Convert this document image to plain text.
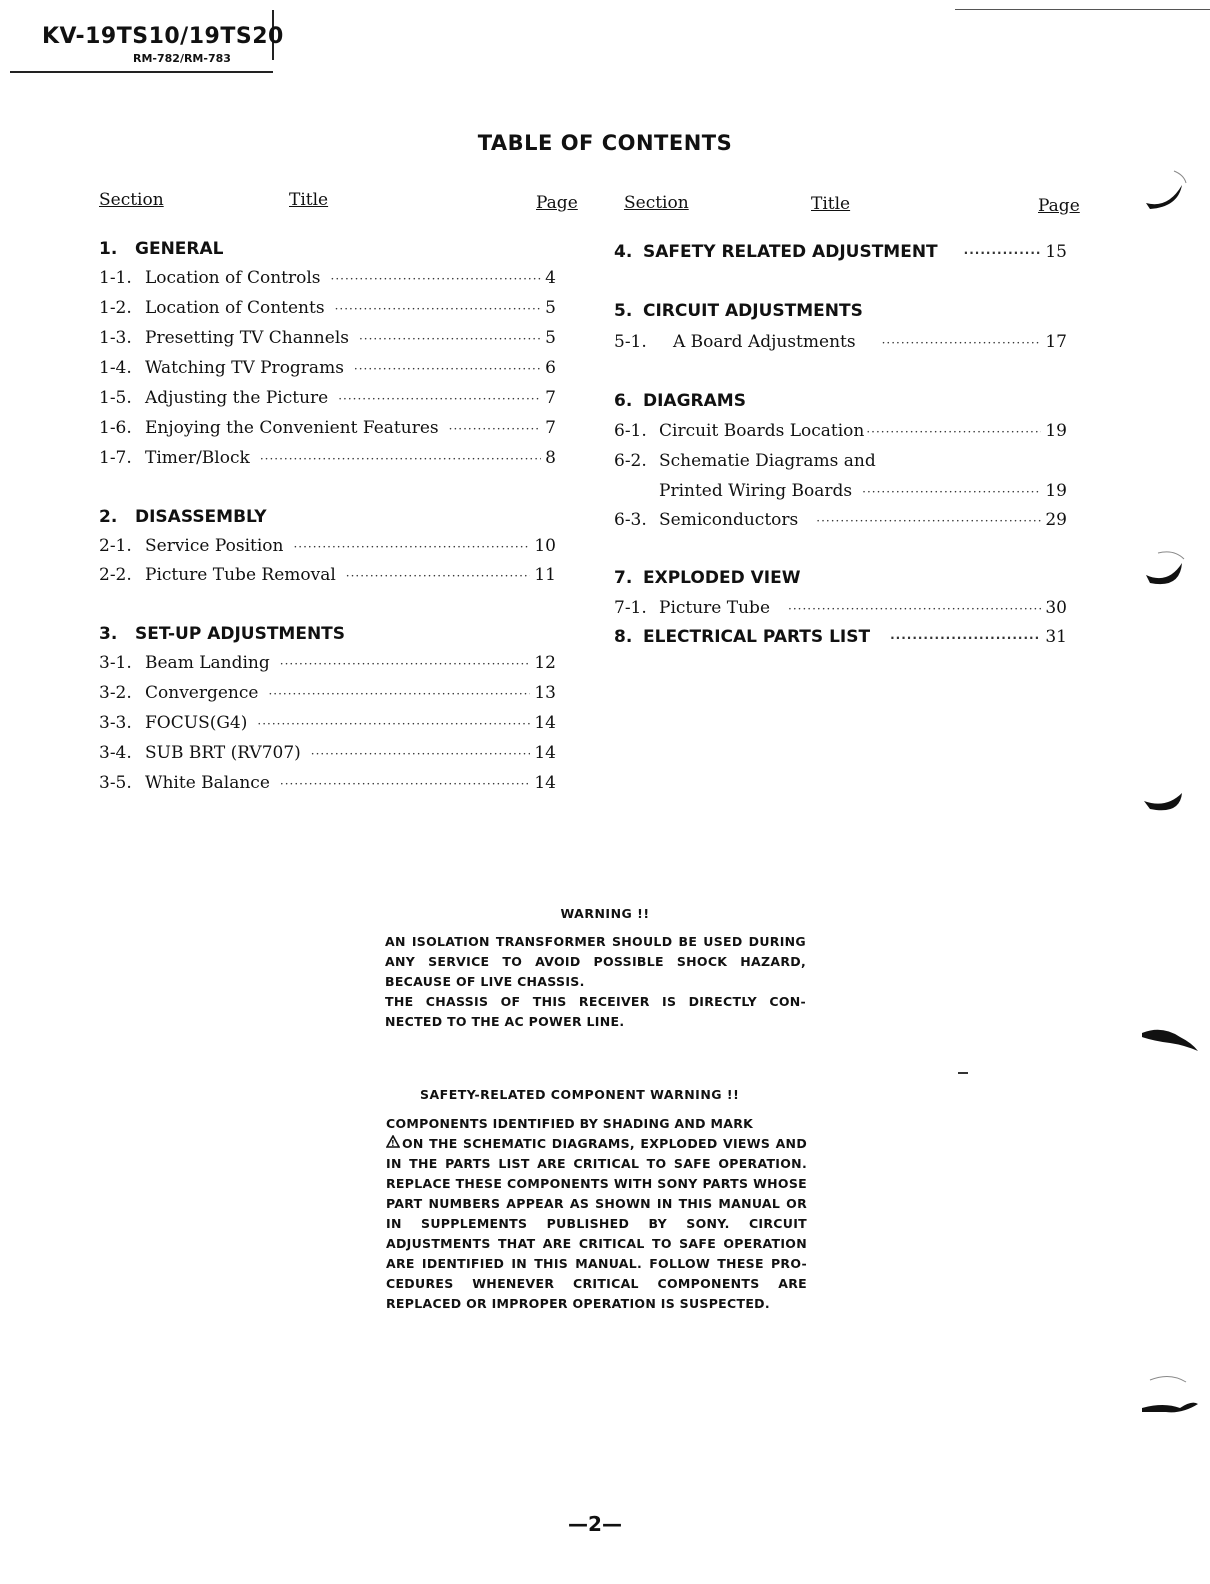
KV-19TS10/19TS20
RM-782/RM-783
TABLE OF CONTENTS
Section	Title	Page	Section	Title	Page
1. GENERAL
1-1. Location of Controls ·····	4
1-2. Location of Contents ·····	5
1-3. Presetting TV Channels ·····	5
1-4. Watching TV Programs ·····	6
1-5. Adjusting the Picture ·····	7
1-6. Enjoying the Convenient Features ·····	7
1-7. Timer/Block ·····	8
2. DISASSEMBLY
2-1. Service Position ·····	10
2-2. Picture Tube Removal ·····	11
3. SET-UP ADJUSTMENTS
3-1. Beam Landing ·····	12
3-2. Convergence ·····	13
3-3. FOCUS(G4) ·····	14
3-4. SUB BRT (RV707) ·····	14
3-5. White Balance ·····	14
4. SAFETY RELATED ADJUSTMENT ·····	15
5. CIRCUIT ADJUSTMENTS
5-1.	A Board Adjustments ·····	17
6. DIAGRAMS
6-1. Circuit Boards Location ·····	19
6-2. Schematie Diagrams and
Printed Wiring Boards ·····	19
6-3. Semiconductors ·····	29
7. EXPLODED VIEW
7-1. Picture Tube ·····	30
8. ELECTRICAL PARTS LIST ·····	31
WARNING !!
AN ISOLATION TRANSFORMER SHOULD BE USED DURING ANY SERVICE TO AVOID POSSIBLE SHOCK HAZARD, BECAUSE OF LIVE CHASSIS.
THE CHASSIS OF THIS RECEIVER IS DIRECTLY CON-NECTED TO THE AC POWER LINE.
SAFETY-RELATED COMPONENT WARNING !!
COMPONENTS IDENTIFIED BY SHADING AND MARK

! ON THE SCHEMATIC DIAGRAMS, EXPLODED VIEWS AND IN THE PARTS LIST ARE CRITICAL TO SAFE OPERATION. REPLACE THESE COMPONENTS WITH SONY PARTS WHOSE PART NUMBERS APPEAR AS SHOWN IN THIS MANUAL OR IN SUPPLEMENTS PUBLISHED BY SONY. CIRCUIT ADJUSTMENTS THAT ARE CRITICAL TO SAFE OPERATION ARE IDENTIFIED IN THIS MANUAL. FOLLOW THESE PRO-CEDURES WHENEVER CRITICAL COMPONENTS ARE REPLACED OR IMPROPER OPERATION IS SUSPECTED.
—2—
